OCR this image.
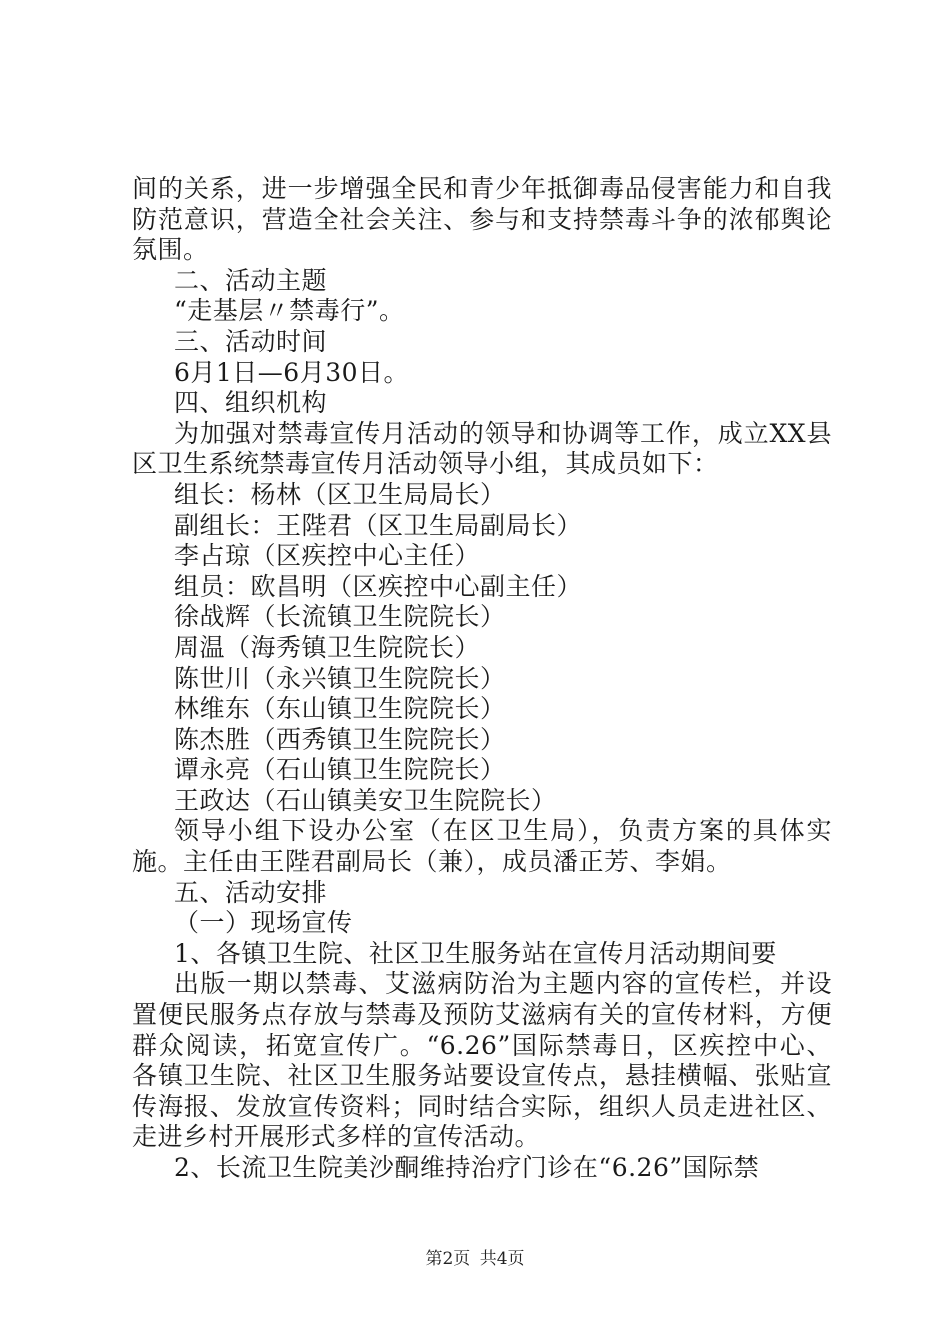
间的关系，进一步增强全民和青少年抵御毒品侵害能力和自我

防范意识，营造全社会关注、参与和支持禁毒斗争的浓郁舆论

氛围。

二、活动主题

“走基层〃禁毒行”。

三、活动时间

6月1日—6月30日。

四、组织机构

为加强对禁毒宣传月活动的领导和协调等工作，成立XX县

区卫生系统禁毒宣传月活动领导小组，其成员如下：

组长：杨林（区卫生局局长）

副组长：王陛君（区卫生局副局长）

李占琼（区疾控中心主任）

组员：欧昌明（区疾控中心副主任）

徐战辉（长流镇卫生院院长）

周温（海秀镇卫生院院长）

陈世川（永兴镇卫生院院长）

林维东（东山镇卫生院院长）

陈杰胜（西秀镇卫生院院长）

谭永亮（石山镇卫生院院长）

王政达（石山镇美安卫生院院长）

领导小组下设办公室（在区卫生局），负责方案的具体实

施。主任由王陛君副局长（兼），成员潘正芳、李娟。

五、活动安排

（一）现场宣传

1、各镇卫生院、社区卫生服务站在宣传月活动期间要

出版一期以禁毒、艾滋病防治为主题内容的宣传栏，并设

置便民服务点存放与禁毒及预防艾滋病有关的宣传材料，方便

群众阅读，拓宽宣传广。“6.26”国际禁毒日，区疾控中心、

各镇卫生院、社区卫生服务站要设宣传点，悬挂横幅、张贴宣

传海报、发放宣传资料；同时结合实际，组织人员走进社区、

走进乡村开展形式多样的宣传活动。

2、长流卫生院美沙酮维持治疗门诊在“6.26”国际禁

第2页 共4页
